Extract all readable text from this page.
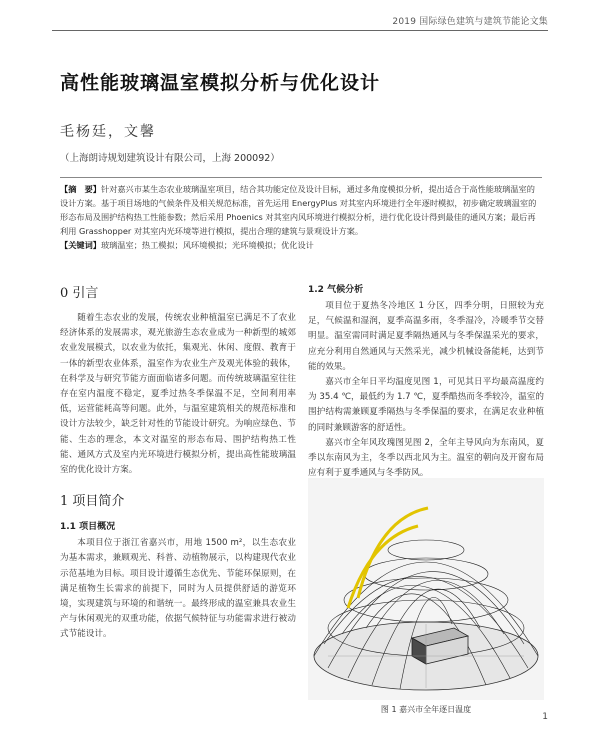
2019 国际绿色建筑与建筑节能论文集
高性能玻璃温室模拟分析与优化设计
毛杨廷，文馨
（上海朗诗规划建筑设计有限公司，上海 200092）
【摘　要】针对嘉兴市某生态农业玻璃温室项目，结合其功能定位及设计目标，通过多角度模拟分析，提出适合于高性能玻璃温室的设计方案。基于项目场地的气候条件及相关规范标准，首先运用 EnergyPlus 对其室内环境进行全年逐时模拟，初步确定玻璃温室的形态布局及围护结构热工性能参数；然后采用 Phoenics 对其室内风环境进行模拟分析，进行优化设计得到最佳的通风方案；最后再利用 Grasshopper 对其室内光环境等进行模拟，提出合理的建筑与景观设计方案。
【关键词】玻璃温室；热工模拟；风环境模拟；光环境模拟；优化设计
0 引言

随着生态农业的发展，传统农业种植温室已满足不了农业经济体系的发展需求，观光旅游生态农业成为一种新型的城郊农业发展模式，以农业为依托，集观光、休闲、度假、教育于一体的新型农业体系，温室作为农业生产及观光体验的载体，在科学及与研究节能方面面临诸多问题。而传统玻璃温室往往存在室内温度不稳定，夏季过热冬季保温不足，空间利用率低，运营能耗高等问题。此外，与温室建筑相关的规范标准和设计方法较少，缺乏针对性的节能设计研究。为响应绿色、节能、生态的理念，本文对温室的形态布局、围护结构热工性能、通风方式及室内光环境进行模拟分析，提出高性能玻璃温室的优化设计方案。

1 项目简介
1.1 项目概况

本项目位于浙江省嘉兴市，用地 1500 m²，以生态农业为基本需求，兼顾观光、科普、动植物展示，以构建现代农业示范基地为目标。项目设计遵循生态优先、节能环保原则，在满足植物生长需求的前提下，同时为人员提供舒适的游览环境，实现建筑与环境的和谐统一。最终形成的温室兼具农业生产与休闲观光的双重功能，依据气候特征与功能需求进行被动式节能设计。

1.2 气候分析

项目位于夏热冬冷地区 1 分区，四季分明，日照较为充足，气候温和湿润，夏季高温多雨，冬季湿冷，冷暖季节交替明显。温室需同时满足夏季隔热通风与冬季保温采光的要求，应充分利用自然通风与天然采光，减少机械设备能耗，达到节能的效果。

嘉兴市全年日平均温度见图 1，可见其日平均最高温度约为 35.4 ℃，最低约为 1.7 ℃，夏季酷热而冬季较冷，温室的围护结构需兼顾夏季隔热与冬季保温的要求，在满足农业种植的同时兼顾游客的舒适性。

嘉兴市全年风玫瑰图见图 2，全年主导风向为东南风，夏季以东南风为主，冬季以西北风为主。温室的朝向及开窗布局应有利于夏季通风与冬季防风。

图 1 嘉兴市全年逐日温度
1
